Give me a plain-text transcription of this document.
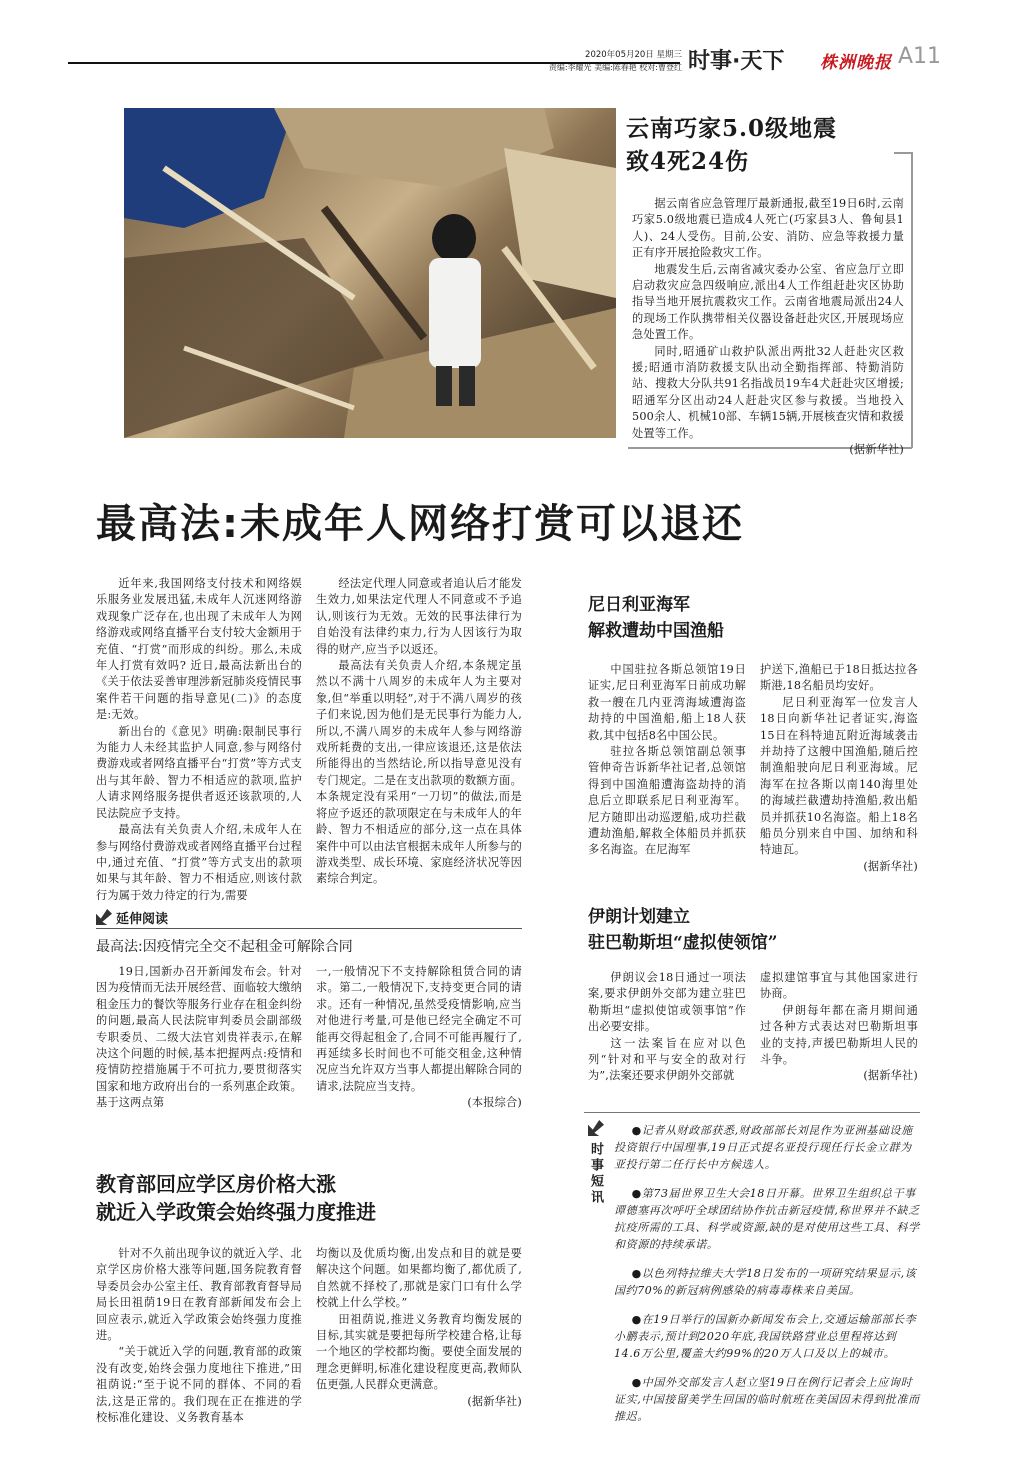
2020年05月20日 星期三
责编:李耀光 美编:陈春艳 校对:曹登红 时事·天下 株洲晚报 A11
云南巧家5.0级地震
致4死24伤

据云南省应急管理厅最新通报,截至19日6时,云南巧家5.0级地震已造成4人死亡(巧家县3人、鲁甸县1人)、24人受伤。目前,公安、消防、应急等救援力量正有序开展抢险救灾工作。

地震发生后,云南省减灾委办公室、省应急厅立即启动救灾应急四级响应,派出4人工作组赶赴灾区协助指导当地开展抗震救灾工作。云南省地震局派出24人的现场工作队携带相关仪器设备赶赴灾区,开展现场应急处置工作。

同时,昭通矿山救护队派出两批32人赶赴灾区救援;昭通市消防救援支队出动全勤指挥部、特勤消防站、搜救大分队共91名指战员19车4犬赶赴灾区增援;昭通军分区出动24人赶赴灾区参与救援。当地投入500余人、机械10部、车辆15辆,开展核查灾情和救援处置等工作。

(据新华社)
最高法:未成年人网络打赏可以退还

近年来,我国网络支付技术和网络娱乐服务业发展迅猛,未成年人沉迷网络游戏现象广泛存在,也出现了未成年人为网络游戏或网络直播平台支付较大金额用于充值、“打赏”而形成的纠纷。那么,未成年人打赏有效吗? 近日,最高法新出台的《关于依法妥善审理涉新冠肺炎疫情民事案件若干问题的指导意见(二)》的态度是:无效。

新出台的《意见》明确:限制民事行为能力人未经其监护人同意,参与网络付费游戏或者网络直播平台“打赏”等方式支出与其年龄、智力不相适应的款项,监护人请求网络服务提供者返还该款项的,人民法院应予支持。

最高法有关负责人介绍,未成年人在参与网络付费游戏或者网络直播平台过程中,通过充值、“打赏”等方式支出的款项如果与其年龄、智力不相适应,则该付款行为属于效力待定的行为,需要

经法定代理人同意或者追认后才能发生效力,如果法定代理人不同意或不予追认,则该行为无效。无效的民事法律行为自始没有法律约束力,行为人因该行为取得的财产,应当予以返还。

最高法有关负责人介绍,本条规定虽然以不满十八周岁的未成年人为主要对象,但“举重以明轻”,对于不满八周岁的孩子们来说,因为他们是无民事行为能力人,所以,不满八周岁的未成年人参与网络游戏所耗费的支出,一律应该退还,这是依法所能得出的当然结论,所以指导意见没有专门规定。二是在支出款项的数额方面。本条规定没有采用“一刀切”的做法,而是将应予返还的款项限定在与未成年人的年龄、智力不相适应的部分,这一点在具体案件中可以由法官根据未成年人所参与的游戏类型、成长环境、家庭经济状况等因素综合判定。

延伸阅读
最高法:因疫情完全交不起租金可解除合同

19日,国新办召开新闻发布会。针对因为疫情而无法开展经营、面临较大缴纳租金压力的餐饮等服务行业存在租金纠纷的问题,最高人民法院审判委员会副部级专职委员、二级大法官刘贵祥表示,在解决这个问题的时候,基本把握两点:疫情和疫情防控措施属于不可抗力,要贯彻落实国家和地方政府出台的一系列惠企政策。基于这两点第

一,一般情况下不支持解除租赁合同的请求。第二,一般情况下,支持变更合同的请求。还有一种情况,虽然受疫情影响,应当对他进行考量,可是他已经完全确定不可能再交得起租金了,合同不可能再履行了,再延续多长时间也不可能交租金,这种情况应当允许双方当事人都提出解除合同的请求,法院应当支持。

(本报综合)
尼日利亚海军
解救遭劫中国渔船

中国驻拉各斯总领馆19日证实,尼日利亚海军日前成功解救一艘在几内亚湾海域遭海盗劫持的中国渔船,船上18人获救,其中包括8名中国公民。

驻拉各斯总领馆副总领事管伸奇告诉新华社记者,总领馆得到中国渔船遭海盗劫持的消息后立即联系尼日利亚海军。尼方随即出动巡逻船,成功拦截遭劫渔船,解救全体船员并抓获多名海盗。在尼海军

护送下,渔船已于18日抵达拉各斯港,18名船员均安好。

尼日利亚海军一位发言人18日向新华社记者证实,海盗15日在科特迪瓦附近海域袭击并劫持了这艘中国渔船,随后控制渔船驶向尼日利亚海域。尼海军在拉各斯以南140海里处的海域拦截遭劫持渔船,救出船员并抓获10名海盗。船上18名船员分别来自中国、加纳和科特迪瓦。

(据新华社)
伊朗计划建立
驻巴勒斯坦“虚拟使领馆”

伊朗议会18日通过一项法案,要求伊朗外交部为建立驻巴勒斯坦“虚拟使馆或领事馆”作出必要安排。

这一法案旨在应对以色列“针对和平与安全的敌对行为”,法案还要求伊朗外交部就

虚拟建馆事宜与其他国家进行协商。

伊朗每年都在斋月期间通过各种方式表达对巴勒斯坦事业的支持,声援巴勒斯坦人民的斗争。

(据新华社)
教育部回应学区房价格大涨
就近入学政策会始终强力度推进

针对不久前出现争议的就近入学、北京学区房价格大涨等问题,国务院教育督导委员会办公室主任、教育部教育督导局局长田祖荫19日在教育部新闻发布会上回应表示,就近入学政策会始终强力度推进。

“关于就近入学的问题,教育部的政策没有改变,始终会强力度地往下推进,”田祖荫说:“至于说不同的群体、不同的看法,这是正常的。我们现在正在推进的学校标准化建设、义务教育基本

均衡以及优质均衡,出发点和目的就是要解决这个问题。如果都均衡了,都优质了,自然就不择校了,那就是家门口有什么学校就上什么学校。”

田祖荫说,推进义务教育均衡发展的目标,其实就是要把每所学校建合格,让每一个地区的学校都均衡。要使全面发展的理念更鲜明,标准化建设程度更高,教师队伍更强,人民群众更满意。

(据新华社)
时事短讯

●记者从财政部获悉,财政部部长刘昆作为亚洲基础设施投资银行中国理事,19日正式提名亚投行现任行长金立群为亚投行第二任行长中方候选人。

●第73届世界卫生大会18日开幕。世界卫生组织总干事谭德塞再次呼吁全球团结协作抗击新冠疫情,称世界并不缺乏抗疫所需的工具、科学或资源,缺的是对使用这些工具、科学和资源的持续承诺。

●以色列特拉维夫大学18日发布的一项研究结果显示,该国约70%的新冠病例感染的病毒毒株来自美国。

●在19日举行的国新办新闻发布会上,交通运输部部长李小鹏表示,预计到2020年底,我国铁路营业总里程将达到14.6万公里,覆盖大约99%的20万人口及以上的城市。

●中国外交部发言人赵立坚19日在例行记者会上应询时证实,中国接留美学生回国的临时航班在美国因未得到批准而推迟。
